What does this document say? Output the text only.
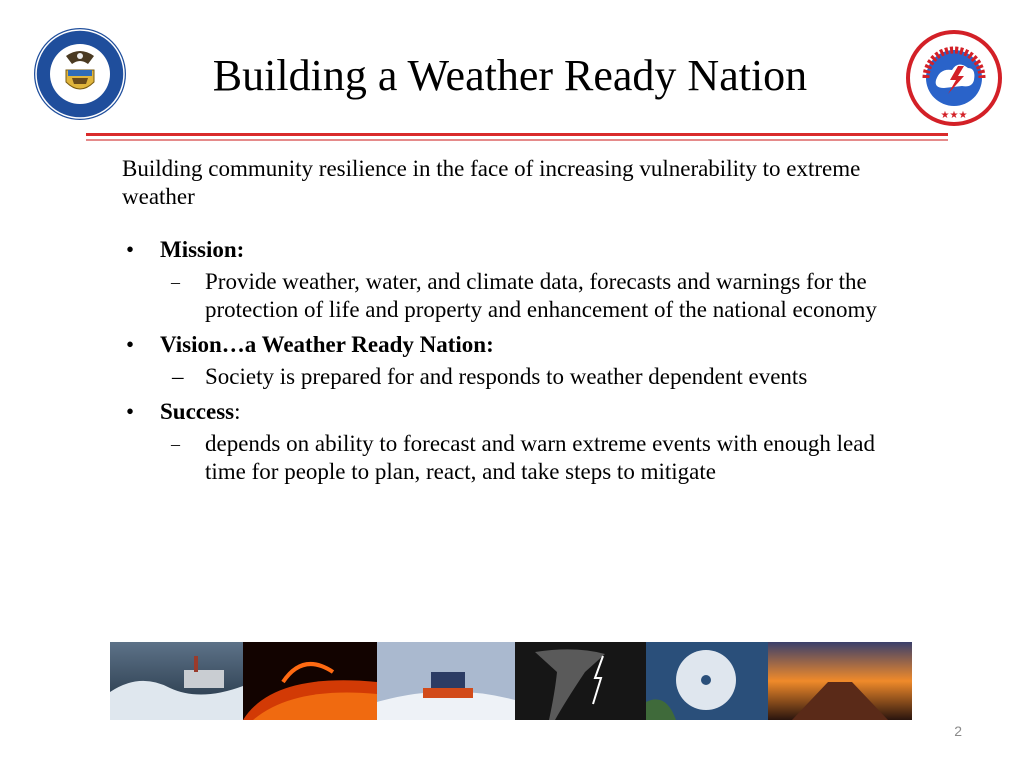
★★★
Building a Weather Ready Nation

Building community resilience in the face of increasing vulnerability to extreme weather

• Mission:
– Provide weather, water, and climate data, forecasts and warnings for the protection of life and property and enhancement of the national economy
• Vision…a Weather Ready Nation:
– Society is prepared for and responds to weather dependent events
• Success:
– depends on ability to forecast and warn extreme events with enough lead time for people to plan, react, and take steps to mitigate
2
